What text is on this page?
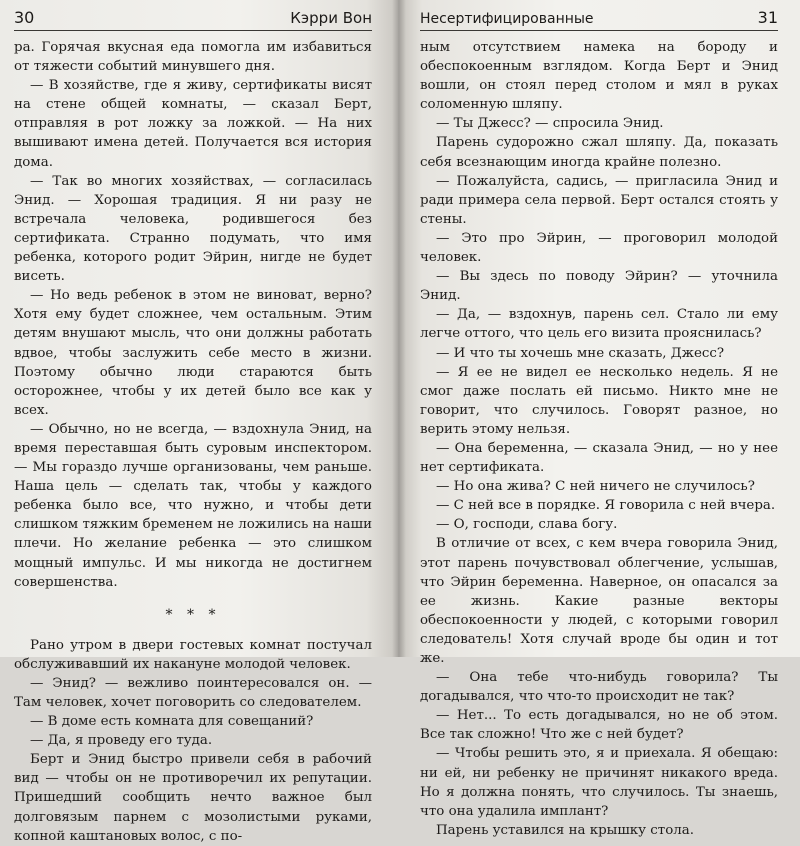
30	Кэрри Вон

ра. Горячая вкусная еда помогла им избавиться от тяжести событий минувшего дня.

— В хозяйстве, где я живу, сертификаты висят на стене общей комнаты, — сказал Берт, отправляя в рот ложку за ложкой. — На них вышивают имена детей. Получается вся история дома.

— Так во многих хозяйствах, — согласилась Энид. — Хорошая традиция. Я ни разу не встречала человека, родившегося без сертификата. Странно подумать, что имя ребенка, которого родит Эйрин, нигде не будет висеть.

— Но ведь ребенок в этом не виноват, верно? Хотя ему будет сложнее, чем остальным. Этим детям внушают мысль, что они должны работать вдвое, чтобы заслужить себе место в жизни. Поэтому обычно люди стараются быть осторожнее, чтобы у их детей было все как у всех.

— Обычно, но не всегда, — вздохнула Энид, на время переставшая быть суровым инспектором. — Мы гораздо лучше организованы, чем раньше. Наша цель — сделать так, чтобы у каждого ребенка было все, что нужно, и чтобы дети слишком тяжким бременем не ложились на наши плечи. Но желание ребенка — это слишком мощный импульс. И мы никогда не достигнем совершенства.

* * *

Рано утром в двери гостевых комнат постучал обслуживавший их накануне молодой человек.

— Энид? — вежливо поинтересовался он. — Там человек, хочет поговорить со следователем.

— В доме есть комната для совещаний?

— Да, я проведу его туда.

Берт и Энид быстро привели себя в рабочий вид — чтобы он не противоречил их репутации. Пришедший сообщить нечто важное был долговязым парнем с мозолистыми руками, копной каштановых волос, с по-

Несертифицированные	31

ным отсутствием намека на бороду и обеспокоенным взглядом. Когда Берт и Энид вошли, он стоял перед столом и мял в руках соломенную шляпу.

— Ты Джесс? — спросила Энид.

Парень судорожно сжал шляпу. Да, показать себя всезнающим иногда крайне полезно.

— Пожалуйста, садись, — пригласила Энид и ради примера села первой. Берт остался стоять у стены.

— Это про Эйрин, — проговорил молодой человек.

— Вы здесь по поводу Эйрин? — уточнила Энид.

— Да, — вздохнув, парень сел. Стало ли ему легче оттого, что цель его визита прояснилась?

— И что ты хочешь мне сказать, Джесс?

— Я ее не видел ее несколько недель. Я не смог даже послать ей письмо. Никто мне не говорит, что случилось. Говорят разное, но верить этому нельзя.

— Она беременна, — сказала Энид, — но у нее нет сертификата.

— Но она жива? С ней ничего не случилось?

— С ней все в порядке. Я говорила с ней вчера.

— О, господи, слава богу.

В отличие от всех, с кем вчера говорила Энид, этот парень почувствовал облегчение, услышав, что Эйрин беременна. Наверное, он опасался за ее жизнь. Какие разные векторы обеспокоенности у людей, с которыми говорил следователь! Хотя случай вроде бы один и тот же.

— Она тебе что-нибудь говорила? Ты догадывался, что что-то происходит не так?

— Нет... То есть догадывался, но не об этом. Все так сложно! Что же с ней будет?

— Чтобы решить это, я и приехала. Я обещаю: ни ей, ни ребенку не причинят никакого вреда. Но я должна понять, что случилось. Ты знаешь, что она удалила имплант?

Парень уставился на крышку стола.
